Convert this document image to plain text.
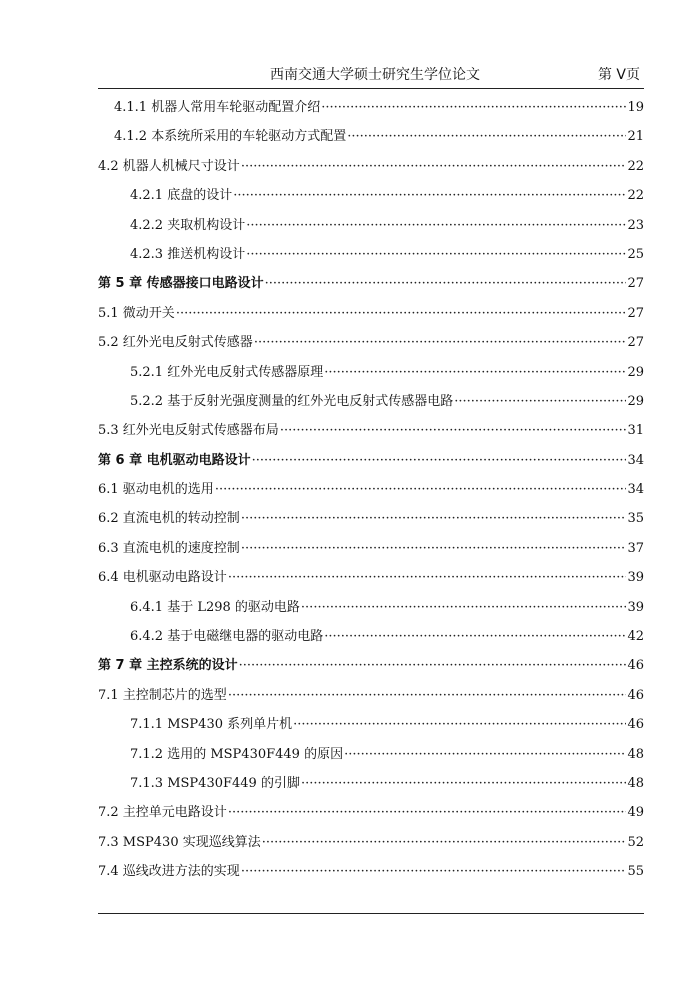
西南交通大学硕士研究生学位论文	第 V页
4.1.1 机器人常用车轮驱动配置介绍 ·····	19
4.1.2 本系统所采用的车轮驱动方式配置 ·····	21
4.2 机器人机械尺寸设计 ·····	22
4.2.1 底盘的设计 ·····	22
4.2.2 夹取机构设计 ·····	23
4.2.3 推送机构设计 ·····	25
第 5 章 传感器接口电路设计 ·····	27
5.1 微动开关 ·····	27
5.2 红外光电反射式传感器 ·····	27
5.2.1 红外光电反射式传感器原理 ·····	29
5.2.2 基于反射光强度测量的红外光电反射式传感器电路 ·····	29
5.3 红外光电反射式传感器布局 ·····	31
第 6 章 电机驱动电路设计 ·····	34
6.1 驱动电机的选用 ·····	34
6.2 直流电机的转动控制 ·····	35
6.3 直流电机的速度控制 ·····	37
6.4 电机驱动电路设计 ·····	39
6.4.1 基于 L298 的驱动电路 ·····	39
6.4.2 基于电磁继电器的驱动电路 ·····	42
第 7 章 主控系统的设计 ·····	46
7.1 主控制芯片的选型 ·····	46
7.1.1 MSP430 系列单片机 ·····	46
7.1.2 选用的 MSP430F449 的原因 ·····	48
7.1.3 MSP430F449 的引脚 ·····	48
7.2 主控单元电路设计 ·····	49
7.3 MSP430 实现巡线算法 ·····	52
7.4 巡线改进方法的实现 ·····	55
